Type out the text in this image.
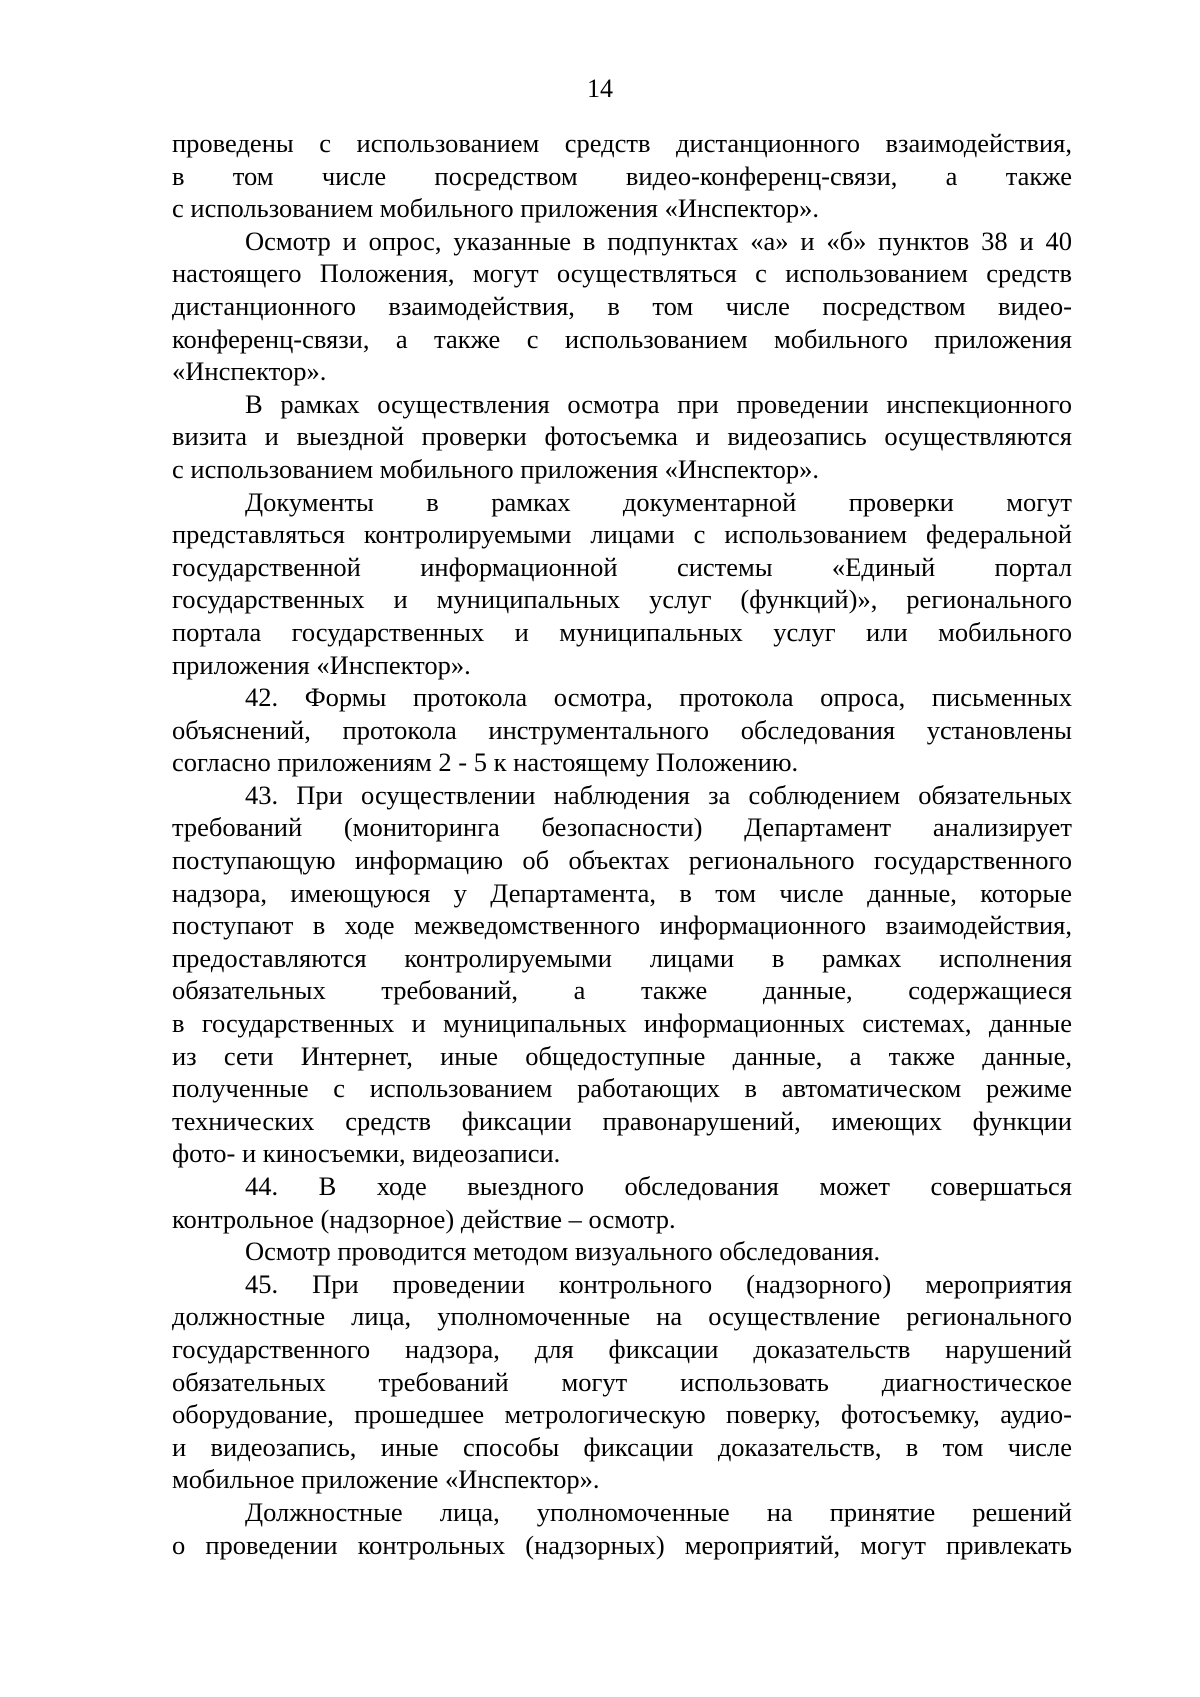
14
проведены с использованием средств дистанционного взаимодействия,
в том числе посредством видео-конференц-связи, а также
с использованием мобильного приложения «Инспектор».
Осмотр и опрос, указанные в подпунктах «а» и «б» пунктов 38 и 40
настоящего Положения, могут осуществляться с использованием средств
дистанционного взаимодействия, в том числе посредством видео-
конференц-связи, а также с использованием мобильного приложения
«Инспектор».
В рамках осуществления осмотра при проведении инспекционного
визита и выездной проверки фотосъемка и видеозапись осуществляются
с использованием мобильного приложения «Инспектор».
Документы в рамках документарной проверки могут
представляться контролируемыми лицами с использованием федеральной
государственной информационной системы «Единый портал
государственных и муниципальных услуг (функций)», регионального
портала государственных и муниципальных услуг или мобильного
приложения «Инспектор».
42. Формы протокола осмотра, протокола опроса, письменных
объяснений, протокола инструментального обследования установлены
согласно приложениям 2 - 5 к настоящему Положению.
43. При осуществлении наблюдения за соблюдением обязательных
требований (мониторинга безопасности) Департамент анализирует
поступающую информацию об объектах регионального государственного
надзора, имеющуюся у Департамента, в том числе данные, которые
поступают в ходе межведомственного информационного взаимодействия,
предоставляются контролируемыми лицами в рамках исполнения
обязательных требований, а также данные, содержащиеся
в государственных и муниципальных информационных системах, данные
из сети Интернет, иные общедоступные данные, а также данные,
полученные с использованием работающих в автоматическом режиме
технических средств фиксации правонарушений, имеющих функции
фото- и киносъемки, видеозаписи.
44. В ходе выездного обследования может совершаться
контрольное (надзорное) действие – осмотр.
Осмотр проводится методом визуального обследования.
45. При проведении контрольного (надзорного) мероприятия
должностные лица, уполномоченные на осуществление регионального
государственного надзора, для фиксации доказательств нарушений
обязательных требований могут использовать диагностическое
оборудование, прошедшее метрологическую поверку, фотосъемку, аудио-
и видеозапись, иные способы фиксации доказательств, в том числе
мобильное приложение «Инспектор».
Должностные лица, уполномоченные на принятие решений
о проведении контрольных (надзорных) мероприятий, могут привлекать
